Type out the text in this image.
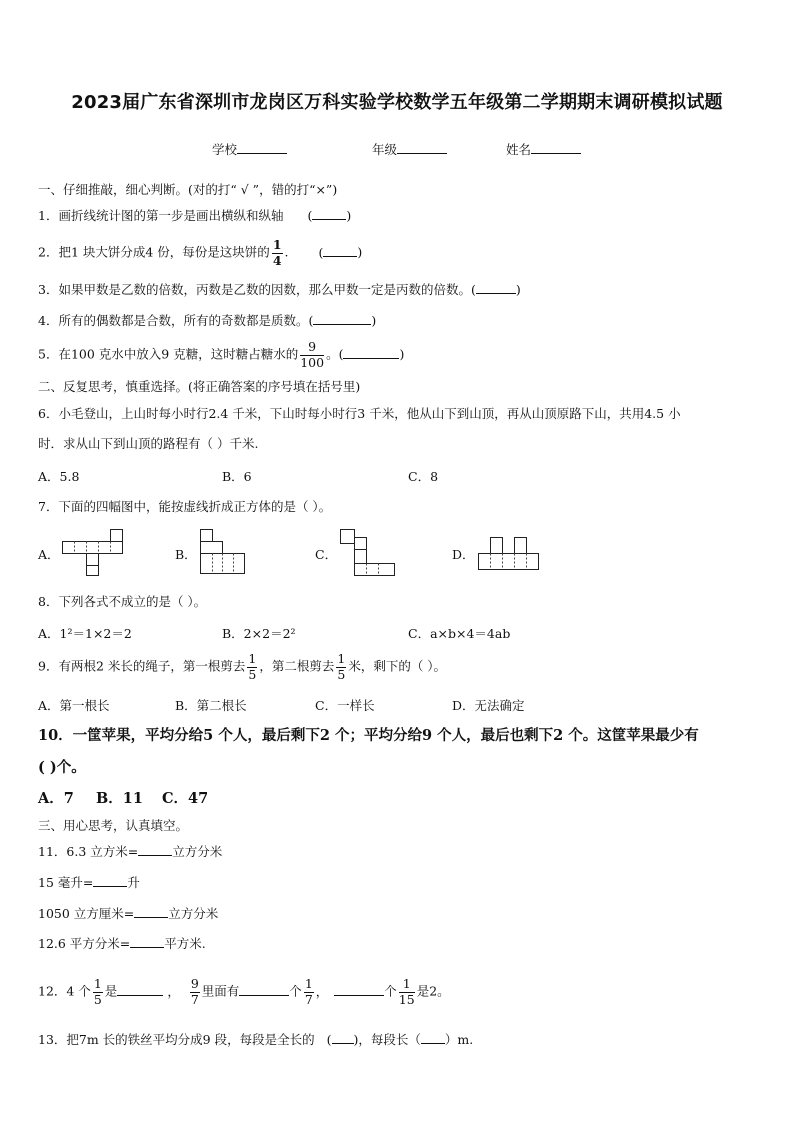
2023届广东省深圳市龙岗区万科实验学校数学五年级第二学期期末调研模拟试题
学校	年级	姓名
一、仔细推敲，细心判断。(对的打“ √ ”，错的打“×”)
1．画折线统计图的第一步是画出横纵和纵轴 (	)
2．把1 块大饼分成4 份，每份是这块饼的 $\frac{1}{4}$ . (	)
3．如果甲数是乙数的倍数，丙数是乙数的因数，那么甲数一定是丙数的倍数。(	)
4．所有的偶数都是合数，所有的奇数都是质数。(	)
5．在100 克水中放入9 克糖，这时糖占糖水的 $\frac{9}{100}$ 。(	)
二、反复思考，慎重选择。(将正确答案的序号填在括号里)
6．小毛登山，上山时每小时行2.4 千米，下山时每小时行3 千米，他从山下到山顶，再从山顶原路下山，共用4.5 小
时．求从山下到山顶的路程有（ ）千米.
A．5.8	B．6	C．8
7．下面的四幅图中，能按虚线折成正方体的是（ ）。
A．	B．	C．	D．
8．下列各式不成立的是（ ）。
A．1²＝1×2＝2	B．2×2＝2²	C．a×b×4＝4ab
9．有两根2 米长的绳子，第一根剪去 $\frac{1}{5}$ ，第二根剪去 $\frac{1}{5}$ 米，剩下的（ ）。
A．第一根长	B．第二根长	C．一样长	D．无法确定
10．一筐苹果，平均分给5 个人，最后剩下2 个；平均分给9 个人，最后也剩下2 个。这筐苹果最少有
( )个。
A．7 B．11 C．47
三、用心思考，认真填空。
11．6.3 立方米=	立方分米
15 毫升=	升
1050 立方厘米=	立方分米
12.6 平方分米=	平方米.
12．4 个 $\frac{1}{5}$ 是	， $\frac{9}{7}$ 里面有	个 $\frac{1}{7}$ ，	个 $\frac{1}{15}$ 是2。
13．把7m 长的铁丝平均分成9 段，每段是全长的 ( )，每段长（ ）m.
